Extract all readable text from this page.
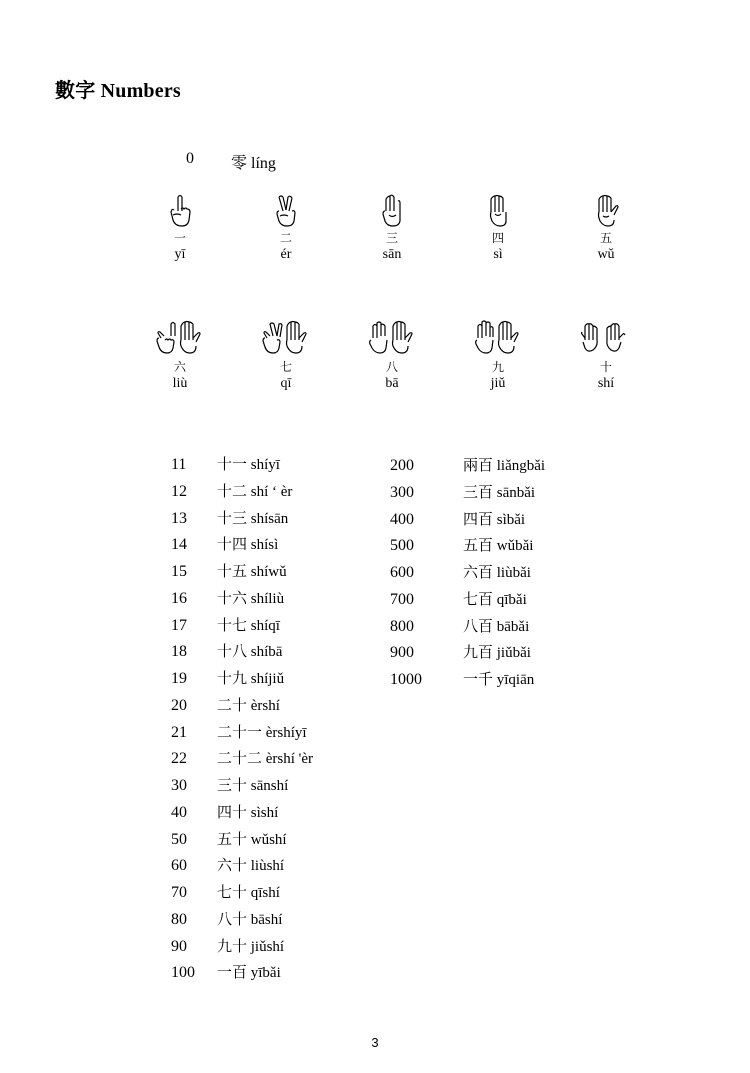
數字 Numbers
0 零 líng
一
yī
二
ér
三
sān
四
sì
五
wǔ
六
liù
七
qī
八
bā
九
jiǔ
十
shí
11 十一 shíyī
12 十二 shí ‘ èr
13 十三 shísān
14 十四 shísì
15 十五 shíwǔ
16 十六 shíliù
17 十七 shíqī
18 十八 shíbā
19 十九 shíjiǔ
20 二十 èrshí
21 二十一 èrshíyī
22 二十二 èrshí 'èr
30 三十 sānshí
40 四十 sìshí
50 五十 wǔshí
60 六十 liùshí
70 七十 qīshí
80 八十 bāshí
90 九十 jiǔshí
100 一百 yībǎi
200	兩百 liǎngbǎi
300	三百 sānbǎi
400	四百 sìbǎi
500	五百 wǔbǎi
600	六百 liùbǎi
700	七百 qībǎi
800	八百 bābǎi
900	九百 jiǔbǎi
1000	一千 yīqiān
3
